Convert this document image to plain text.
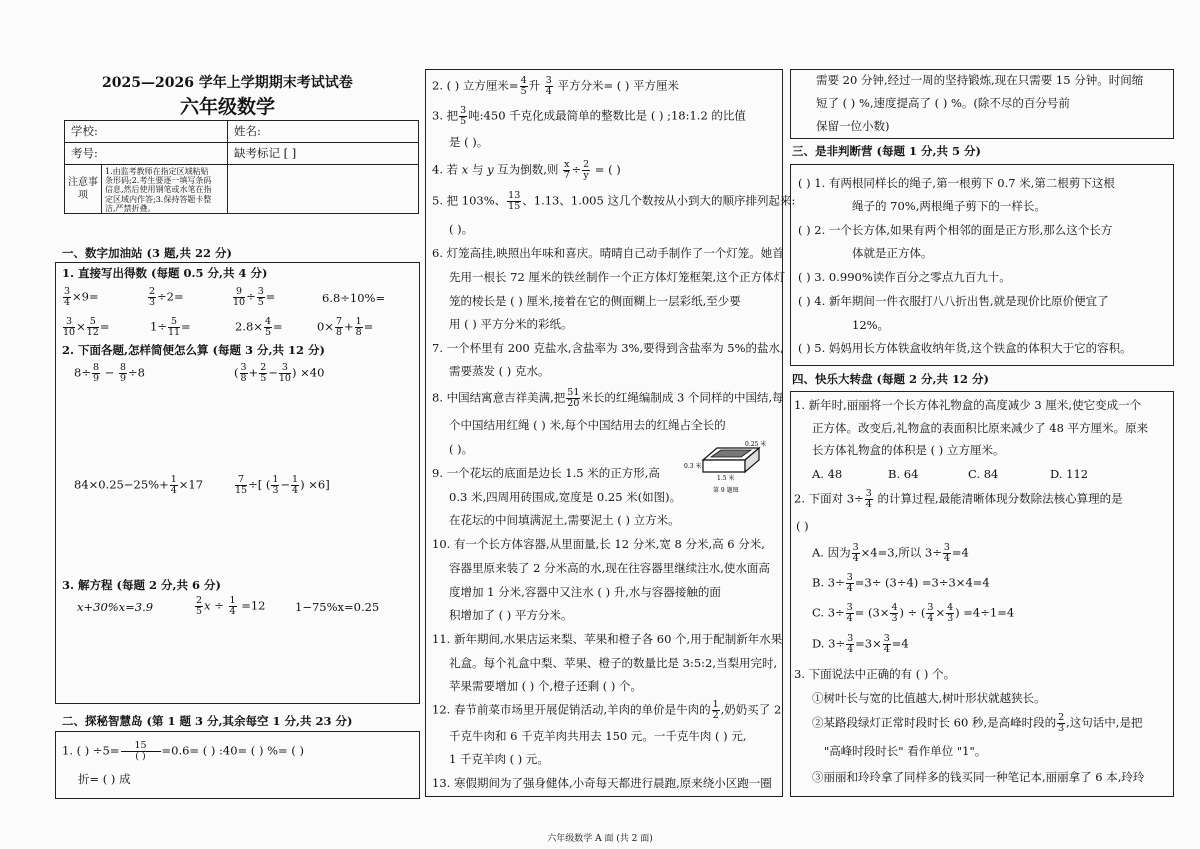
2025—2026 学年上学期期末考试试卷
六年级数学
学校:	姓名:
考号:	缺考标记 [ ]

注意事项
1.由监考教师在指定区域粘贴条形码;2.考生要逐一填写条码信息,然后使用钢笔或水笔在指定区域内作答;3.保持答题卡整洁,严禁折叠。	

一、数字加油站 (3 题,共 22 分)
1. 直接写出得数 (每题 0.5 分,共 4 分)
$\frac{3}{4} \times 9=$	$\frac{2}{3} \div 2=$	$\frac{9}{10} \div \frac{3}{5}$ =	6.8÷10%=
$\frac{3}{10} \times \frac{5}{12}$ =	$1\div \frac{5}{11}$ =	$2.8\times \frac{4}{5}$ =	$0\times \frac{7}{8} + \frac{1}{8}$ =
2. 下面各题,怎样简便怎么算 (每题 3 分,共 12 分)
$8\div \frac{8}{9} - \frac{8}{9} \div 8$	( $\frac{3}{8} + \frac{2}{5} - \frac{3}{10}$ ) ×40
$84\times 0.25-25\%+ \frac{1}{4} \times 17$	$\frac{7}{15}$ ÷[ ( $\frac{1}{3} - \frac{1}{4}$ ) ×6]
3. 解方程 (每题 2 分,共 6 分)
x+30%x=3.9	$\frac{2}{5}$ $x \div \frac{1}{4} =12$	1−75%x=0.25
二、探秘智慧岛 (第 1 题 3 分,其余每空 1 分,共 23 分)
1. ( ) $\div 5= \frac{15}{( )} =0.6=$ ( ) :40= ( ) %= ( )
折= ( ) 成
2. ( ) 立方厘米= $\frac{4}{5}$ 升 $\frac{3}{4}$ 平方分米= ( ) 平方厘米
3. 把 $\frac{3}{5}$ 吨:450 千克化成最简单的整数比是 ( ) ;18:1.2 的比值
是 ( )。
4. 若 x 与 y 互为倒数,则 $\frac{x}{7} \div \frac{2}{y}$ = ( )
5. 把 103%、 $\frac{13}{15}$ 、1.13、1.005 这几个数按从小到大的顺序排列起来:
( )。
6. 灯笼高挂,映照出年味和喜庆。晴晴自己动手制作了一个灯笼。她首
先用一根长 72 厘米的铁丝制作一个正方体灯笼框架,这个正方体灯
笼的棱长是 ( ) 厘米,接着在它的侧面糊上一层彩纸,至少要
用 ( ) 平方分米的彩纸。
7. 一个杯里有 200 克盐水,含盐率为 3%,要得到含盐率为 5%的盐水,
需要蒸发 ( ) 克水。
8. 中国结寓意吉祥美满,把 $\frac{51}{20}$ 米长的红绳编制成 3 个同样的中国结,每
个中国结用红绳 ( ) 米,每个中国结用去的红绳占全长的
( )。
9. 一个花坛的底面是边长 1.5 米的正方形,高
0.3 米,四周用砖围成,宽度是 0.25 米(如图)。
在花坛的中间填满泥土,需要泥土 ( ) 立方米。
0.25 米
0.3 米
1.5 米
第 9 题图
10. 有一个长方体容器,从里面量,长 12 分米,宽 8 分米,高 6 分米,
容器里原来装了 2 分米高的水,现在往容器里继续注水,使水面高
度增加 1 分米,容器中又注水 ( ) 升,水与容器接触的面
积增加了 ( ) 平方分米。
11. 新年期间,水果店运来梨、苹果和橙子各 60 个,用于配制新年水果
礼盒。每个礼盒中梨、苹果、橙子的数量比是 3:5:2,当梨用完时,
苹果需要增加 ( ) 个,橙子还剩 ( ) 个。
12. 春节前菜市场里开展促销活动,羊肉的单价是牛肉的 $\frac{1}{2}$ ,奶奶买了 2
千克牛肉和 6 千克羊肉共用去 150 元。一千克牛肉 ( ) 元,
1 千克羊肉 ( ) 元。
13. 寒假期间为了强身健体,小奇每天都进行晨跑,原来绕小区跑一圈
需要 20 分钟,经过一周的坚持锻炼,现在只需要 15 分钟。时间缩
短了 ( ) %,速度提高了 ( ) %。(除不尽的百分号前
保留一位小数)
三、是非判断营 (每题 1 分,共 5 分)
( ) 1. 有两根同样长的绳子,第一根剪下 0.7 米,第二根剪下这根
绳子的 70%,两根绳子剪下的一样长。
( ) 2. 一个长方体,如果有两个相邻的面是正方形,那么这个长方
体就是正方体。
( ) 3. 0.990%读作百分之零点九百九十。
( ) 4. 新年期间一件衣服打八八折出售,就是现价比原价便宜了
12%。
( ) 5. 妈妈用长方体铁盒收纳年货,这个铁盒的体积大于它的容积。
四、快乐大转盘 (每题 2 分,共 12 分)
1. 新年时,丽丽将一个长方体礼物盒的高度减少 3 厘米,使它变成一个
正方体。改变后,礼物盒的表面积比原来减少了 48 平方厘米。原来
长方体礼物盒的体积是 ( ) 立方厘米。
A. 48	B. 64	C. 84	D. 112
2. 下面对 $3\div \frac{3}{4}$ 的计算过程,最能清晰体现分数除法核心算理的是
( )
A. 因为 $\frac{3}{4} \times 4=3$,所以 $3\div \frac{3}{4} =4$
B. $3\div \frac{3}{4} =3\div (3\div 4) =3\div 3\times 4=4$
C. $3\div \frac{3}{4} = (3\times \frac{4}{3}$ ) ÷ ( $\frac{3}{4} \times \frac{4}{3}$ ) =4÷1=4
D. $3\div \frac{3}{4} =3\times \frac{3}{4} =4$
3. 下面说法中正确的有 ( ) 个。
①树叶长与宽的比值越大,树叶形状就越狭长。
②某路段绿灯正常时段时长 60 秒,是高峰时段的 $\frac{2}{3}$ ,这句话中,是把
"高峰时段时长" 看作单位 "1"。
③丽丽和玲玲拿了同样多的钱买同一种笔记本,丽丽拿了 6 本,玲玲
六年级数学 A 面 (共 2 面)
